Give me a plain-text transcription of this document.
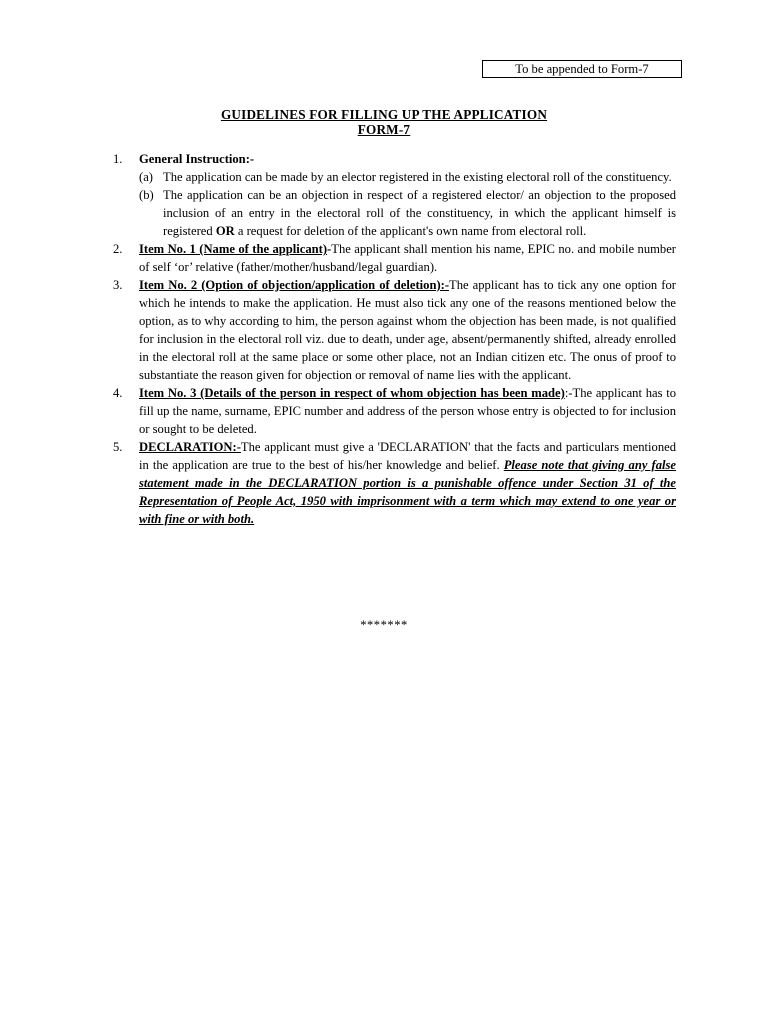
To be appended to Form-7
GUIDELINES FOR FILLING UP THE APPLICATION
FORM-7
1. General Instruction:-
(a) The application can be made by an elector registered in the existing electoral roll of the constituency.
(b) The application can be an objection in respect of a registered elector/ an objection to the proposed inclusion of an entry in the electoral roll of the constituency, in which the applicant himself is registered OR a request for deletion of the applicant's own name from electoral roll.
2. Item No. 1 (Name of the applicant)-The applicant shall mention his name, EPIC no. and mobile number of self ‘or’ relative (father/mother/husband/legal guardian).
3. Item No. 2 (Option of objection/application of deletion):-The applicant has to tick any one option for which he intends to make the application. He must also tick any one of the reasons mentioned below the option, as to why according to him, the person against whom the objection has been made, is not qualified for inclusion in the electoral roll viz. due to death, under age, absent/permanently shifted, already enrolled in the electoral roll at the same place or some other place, not an Indian citizen etc. The onus of proof to substantiate the reason given for objection or removal of name lies with the applicant.
4. Item No. 3 (Details of the person in respect of whom objection has been made):-The applicant has to fill up the name, surname, EPIC number and address of the person whose entry is objected to for inclusion or sought to be deleted.
5. DECLARATION:-The applicant must give a 'DECLARATION' that the facts and particulars mentioned in the application are true to the best of his/her knowledge and belief. Please note that giving any false statement made in the DECLARATION portion is a punishable offence under Section 31 of the Representation of People Act, 1950 with imprisonment with a term which may extend to one year or with fine or with both.
*******
